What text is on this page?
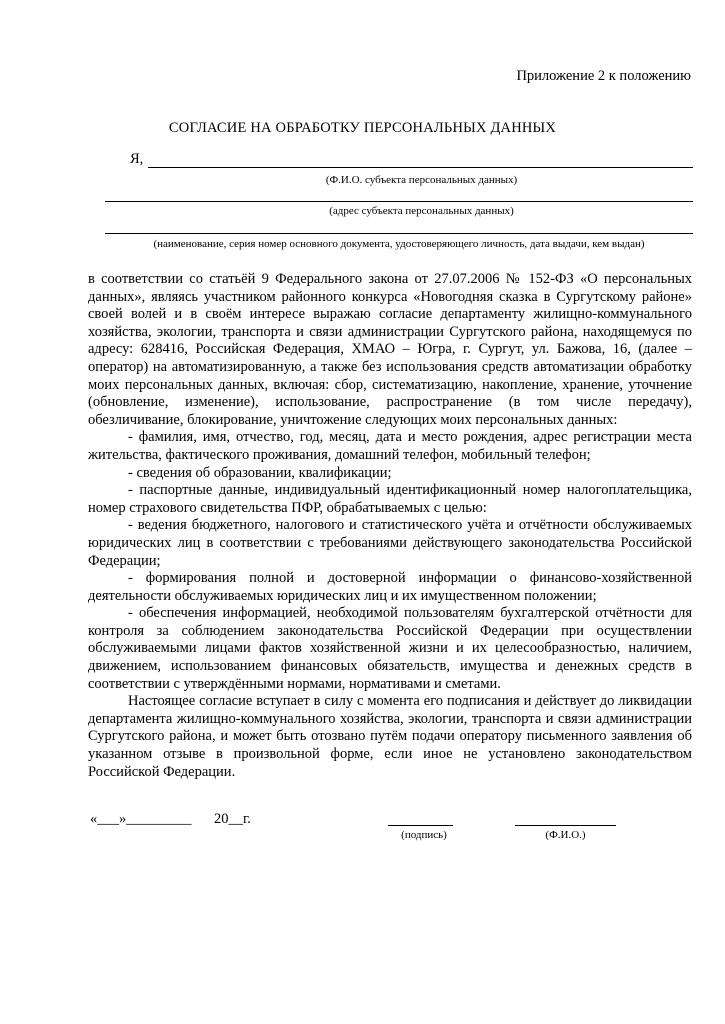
Приложение 2 к положению
СОГЛАСИЕ НА ОБРАБОТКУ ПЕРСОНАЛЬНЫХ ДАННЫХ
Я,
(Ф.И.О. субъекта персональных данных)
(адрес субъекта персональных данных)
(наименование, серия номер основного документа, удостоверяющего личность, дата выдачи, кем выдан)

в соответствии со статьёй 9 Федерального закона от 27.07.2006 № 152-ФЗ «О персональных данных», являясь участником районного конкурса «Новогодняя сказка в Сургутскому районе» своей волей и в своём интересе выражаю согласие департаменту жилищно-коммунального хозяйства, экологии, транспорта и связи администрации Сургутского района, находящемуся по адресу: 628416, Российская Федерация, ХМАО – Югра, г. Сургут, ул. Бажова, 16, (далее – оператор) на автоматизированную, а также без использования средств автоматизации обработку моих персональных данных, включая: сбор, систематизацию, накопление, хранение, уточнение (обновление, изменение), использование, распространение (в том числе передачу), обезличивание, блокирование, уничтожение следующих моих персональных данных:

- фамилия, имя, отчество, год, месяц, дата и место рождения, адрес регистрации места жительства, фактического проживания, домашний телефон, мобильный телефон;

- сведения об образовании, квалификации;

- паспортные данные, индивидуальный идентификационный номер налогоплательщика, номер страхового свидетельства ПФР, обрабатываемых с целью:

- ведения бюджетного, налогового и статистического учёта и отчётности обслуживаемых юридических лиц в соответствии с требованиями действующего законодательства Российской Федерации;

- формирования полной и достоверной информации о финансово-хозяйственной деятельности обслуживаемых юридических лиц и их имущественном положении;

- обеспечения информацией, необходимой пользователям бухгалтерской отчётности для контроля за соблюдением законодательства Российской Федерации при осуществлении обслуживаемыми лицами фактов хозяйственной жизни и их целесообразностью, наличием, движением, использованием финансовых обязательств, имущества и денежных средств в соответствии с утверждёнными нормами, нормативами и сметами.

Настоящее согласие вступает в силу с момента его подписания и действует до ликвидации департамента жилищно-коммунального хозяйства, экологии, транспорта и связи администрации Сургутского района, и может быть отозвано путём подачи оператору письменного заявления об указанном отзыве в произвольной форме, если иное не установлено законодательством Российской Федерации.

«___»_________ 20__г.
(подпись)	(Ф.И.О.)
